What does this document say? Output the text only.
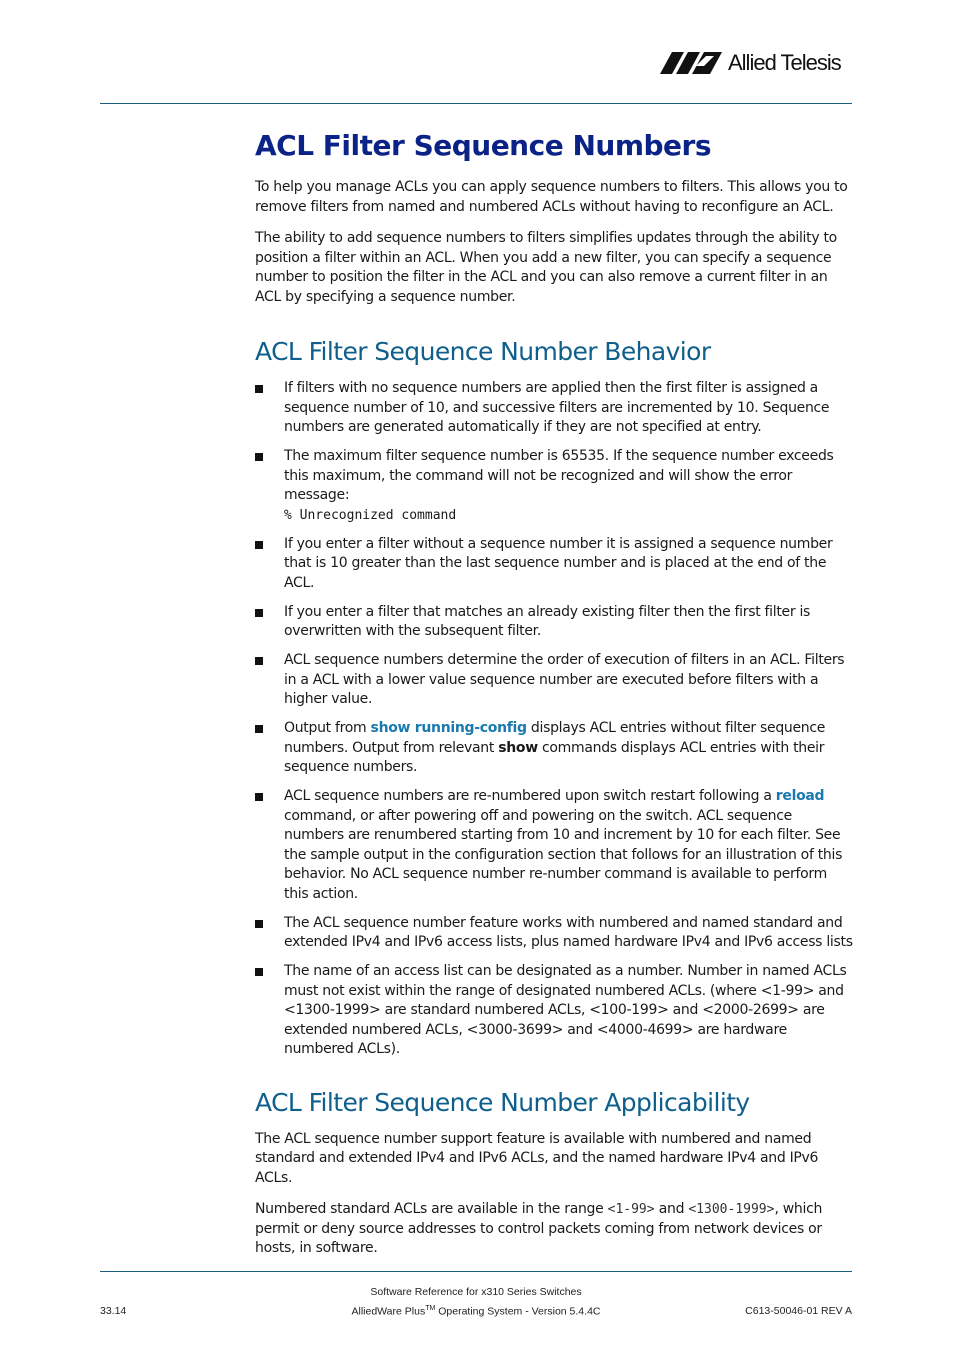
Allied Telesis
ACL Filter Sequence Numbers

To help you manage ACLs you can apply sequence numbers to filters. This allows you to remove filters from named and numbered ACLs without having to reconfigure an ACL.

The ability to add sequence numbers to filters simplifies updates through the ability to position a filter within an ACL. When you add a new filter, you can specify a sequence number to position the filter in the ACL and you can also remove a current filter in an ACL by specifying a sequence number.

ACL Filter Sequence Number Behavior
If filters with no sequence numbers are applied then the first filter is assigned a sequence number of 10, and successive filters are incremented by 10. Sequence numbers are generated automatically if they are not specified at entry.
The maximum filter sequence number is 65535. If the sequence number exceeds this maximum, the command will not be recognized and will show the error message:
% Unrecognized command
If you enter a filter without a sequence number it is assigned a sequence number that is 10 greater than the last sequence number and is placed at the end of the ACL.
If you enter a filter that matches an already existing filter then the first filter is overwritten with the subsequent filter.
ACL sequence numbers determine the order of execution of filters in an ACL. Filters in a ACL with a lower value sequence number are executed before filters with a higher value.
Output from show running-config displays ACL entries without filter sequence numbers. Output from relevant show commands displays ACL entries with their sequence numbers.
ACL sequence numbers are re-numbered upon switch restart following a reload command, or after powering off and powering on the switch. ACL sequence numbers are renumbered starting from 10 and increment by 10 for each filter. See the sample output in the configuration section that follows for an illustration of this behavior. No ACL sequence number re-number command is available to perform this action.
The ACL sequence number feature works with numbered and named standard and extended IPv4 and IPv6 access lists, plus named hardware IPv4 and IPv6 access lists
The name of an access list can be designated as a number. Number in named ACLs must not exist within the range of designated numbered ACLs. (where <1-99> and <1300-1999> are standard numbered ACLs, <100-199> and <2000-2699> are extended numbered ACLs, <3000-3699> and <4000-4699> are hardware numbered ACLs).
ACL Filter Sequence Number Applicability

The ACL sequence number support feature is available with numbered and named standard and extended IPv4 and IPv6 ACLs, and the named hardware IPv4 and IPv6 ACLs.

Numbered standard ACLs are available in the range <1-99> and <1300-1999>, which permit or deny source addresses to control packets coming from network devices or hosts, in software.

Software Reference for x310 Series Switches
33.14	AlliedWare Plus™ Operating System - Version 5.4.4C	C613-50046-01 REV A
